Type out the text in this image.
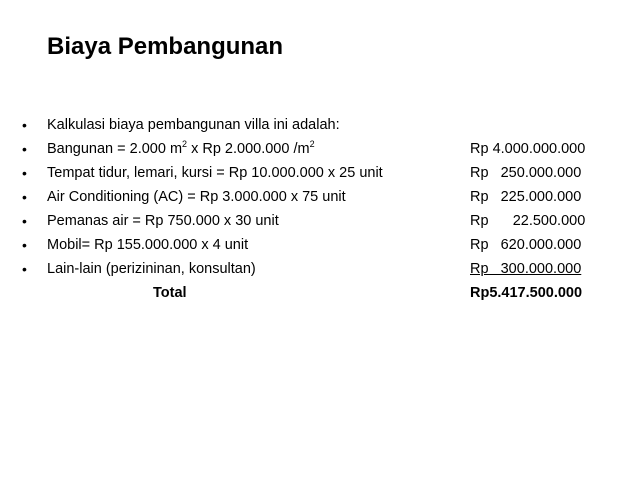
Biaya Pembangunan
• Kalkulasi biaya pembangunan villa ini adalah:
• Bangunan = 2.000 $m^2$ x Rp 2.000.000 $/m^2$	Rp 4.000.000.000
• Tempat tidur, lemari, kursi = Rp 10.000.000 x 25 unit	Rp   250.000.000
• Air Conditioning (AC) = Rp 3.000.000 x 75 unit	Rp   225.000.000
• Pemanas air = Rp 750.000 x 30 unit	Rp      22.500.000
• Mobil= Rp 155.000.000 x 4 unit	Rp   620.000.000
• Lain-lain (perizininan, konsultan)	Rp   300.000.000
Total	Rp5.417.500.000
